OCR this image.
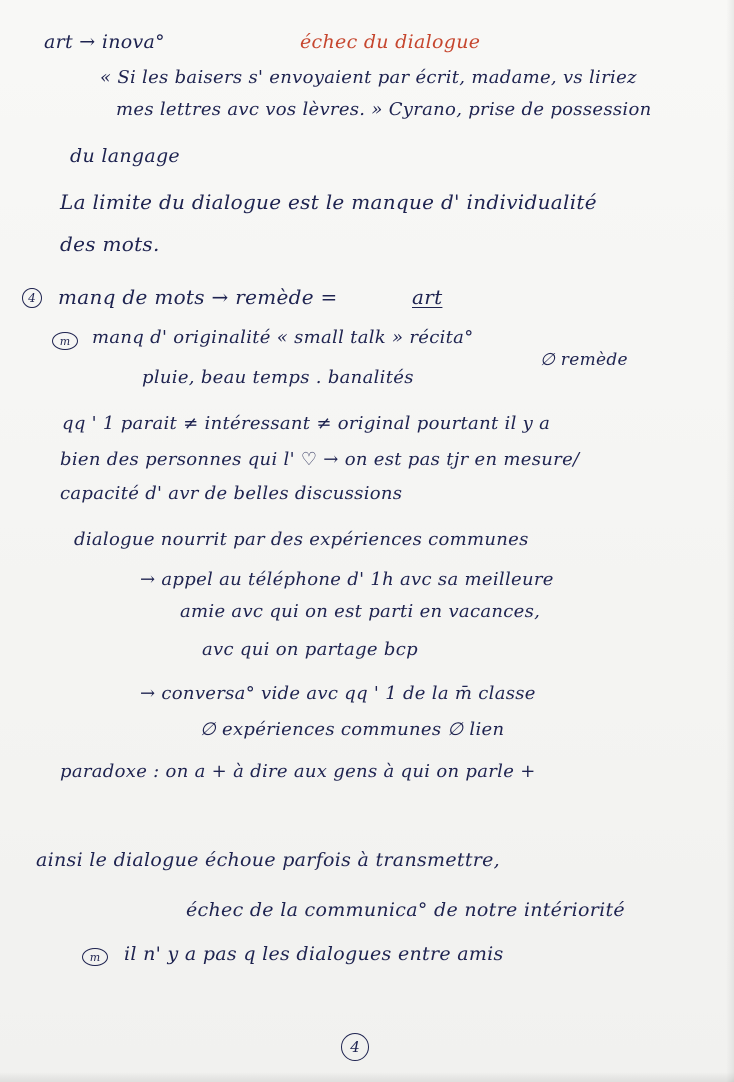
art → inova°	échec du dialogue
« Si les baisers s' envoyaient par écrit, madame, vs liriez
mes lettres avc vos lèvres. » Cyrano, prise de possession
du langage
La limite du dialogue est le manque d' individualité
des mots.
4	manq de mots → remède =	art
m	manq d' originalité « small talk » récita°
pluie, beau temps . banalités
∅ remède
qq ' 1 parait ≠ intéressant ≠ original pourtant il y a
bien des personnes qui l' ♡ → on est pas tjr en mesure/
capacité d' avr de belles discussions
dialogue nourrit par des expériences communes
→ appel au téléphone d' 1h avc sa meilleure
amie avc qui on est parti en vacances,
avc qui on partage bcp
→ conversa° vide avc qq ' 1 de la m̄ classe
∅ expériences communes ∅ lien
paradoxe : on a + à dire aux gens à qui on parle +
ainsi le dialogue échoue parfois à transmettre,
échec de la communica° de notre intériorité
m	il n' y a pas q les dialogues entre amis
4
